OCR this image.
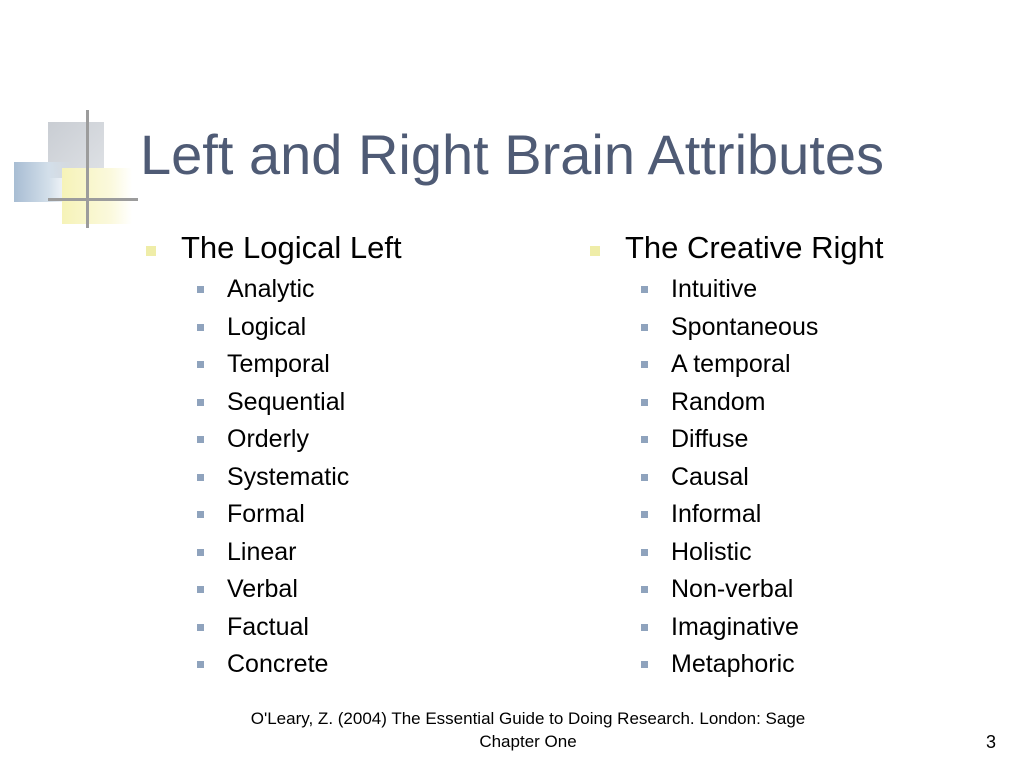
Left and Right Brain Attributes
The Logical Left
Analytic
Logical
Temporal
Sequential
Orderly
Systematic
Formal
Linear
Verbal
Factual
Concrete
The Creative Right
Intuitive
Spontaneous
A temporal
Random
Diffuse
Causal
Informal
Holistic
Non-verbal
Imaginative
Metaphoric
O'Leary, Z. (2004) The Essential Guide to Doing Research. London: Sage
Chapter One	3
